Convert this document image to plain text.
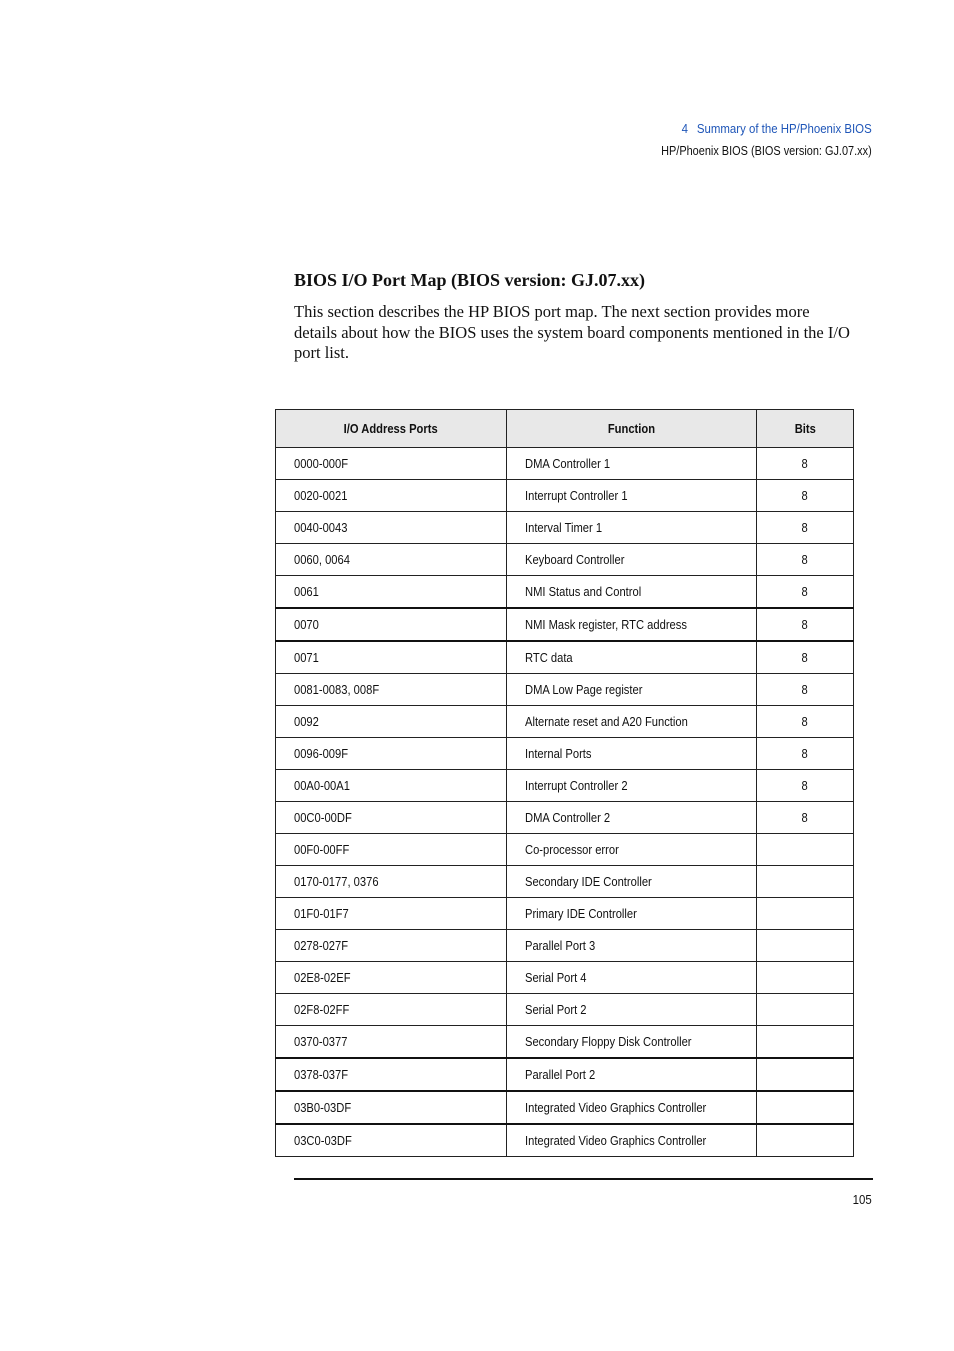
4 Summary of the HP/Phoenix BIOS
HP/Phoenix BIOS (BIOS version: GJ.07.xx)
BIOS I/O Port Map (BIOS version: GJ.07.xx)

This section describes the HP BIOS port map. The next section provides more details about how the BIOS uses the system board components mentioned in the I/O port list.

I/O Address Ports	Function	Bits
0000-000F	DMA Controller 1	8
0020-0021	Interrupt Controller 1	8
0040-0043	Interval Timer 1	8
0060, 0064	Keyboard Controller	8
0061	NMI Status and Control	8
0070	NMI Mask register, RTC address	8
0071	RTC data	8
0081-0083, 008F	DMA Low Page register	8
0092	Alternate reset and A20 Function	8
0096-009F	Internal Ports	8
00A0-00A1	Interrupt Controller 2	8
00C0-00DF	DMA Controller 2	8
00F0-00FF	Co-processor error	
0170-0177, 0376	Secondary IDE Controller	
01F0-01F7	Primary IDE Controller	
0278-027F	Parallel Port 3	
02E8-02EF	Serial Port 4	
02F8-02FF	Serial Port 2	
0370-0377	Secondary Floppy Disk Controller	
0378-037F	Parallel Port 2	
03B0-03DF	Integrated Video Graphics Controller	
03C0-03DF	Integrated Video Graphics Controller	
105
